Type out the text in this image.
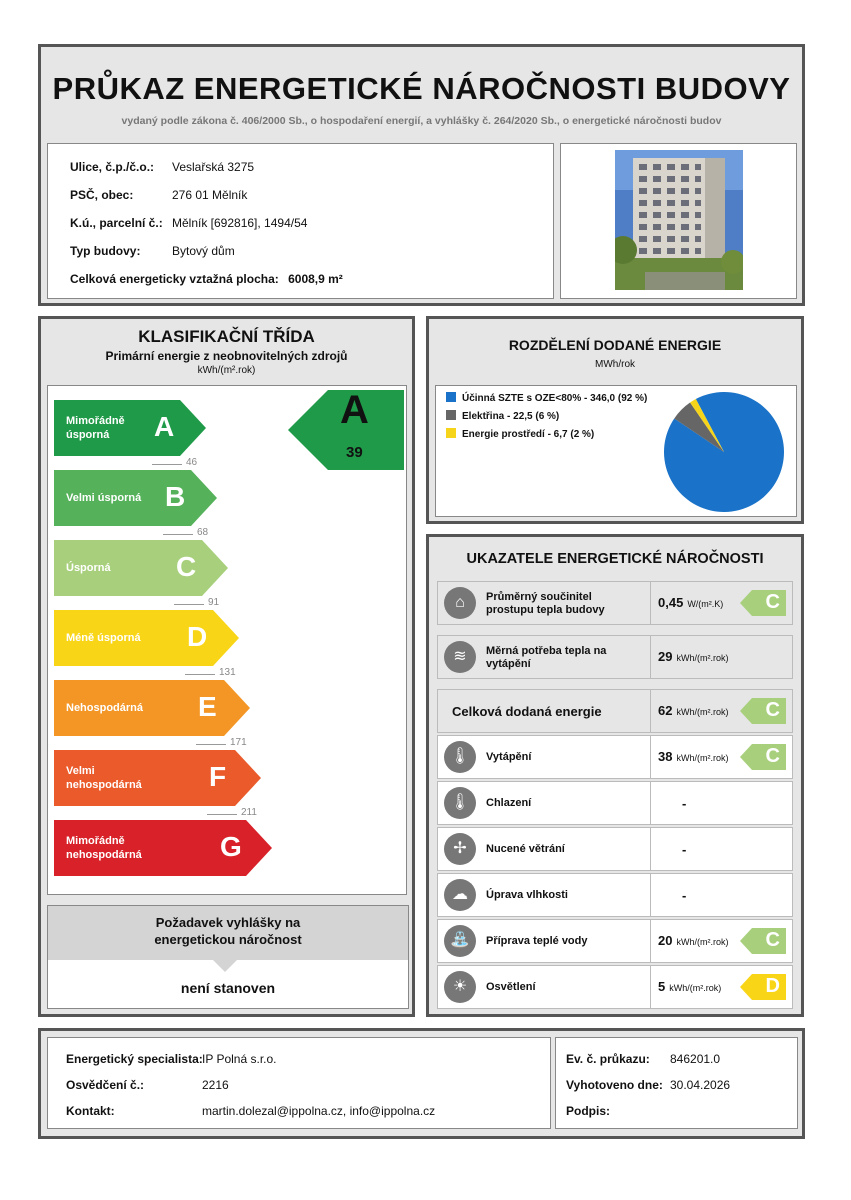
PRŮKAZ ENERGETICKÉ NÁROČNOSTI BUDOVY
vydaný podle zákona č. 406/2000 Sb., o hospodaření energií, a vyhlášky č. 264/2020 Sb., o energetické náročnosti budov
Ulice, č.p./č.o.: Veslařská 3275
PSČ, obec:	276 01 Mělník
K.ú., parcelní č.: Mělník [692816], 1494/54
Typ budovy:	Bytový dům
Celková energeticky vztažná plocha: 6008,9 m²
KLASIFIKAČNÍ TŘÍDA
Primární energie z neobnovitelných zdrojů
kWh/(m².rok)
Mimořádně úsporná	A
46
Velmi úsporná B
68
Úsporná	C
91
Méně úsporná	D
131
Nehospodárná	E
171
Velmi nehospodárná	F
211
Mimořádně nehospodárná	G
A
39
Požadavek vyhlášky na energetickou náročnost
není stanoven
ROZDĚLENÍ DODANÉ ENERGIE
MWh/rok
Účinná SZTE s OZE<80% - 346,0 (92 %)
Elektřina - 22,5 (6 %)
Energie prostředí - 6,7 (2 %)
UKAZATELE ENERGETICKÉ NÁROČNOSTI
⌂	Průměrný součinitel prostupu tepla budovy	0,45 W/(m².K) C
≋	Měrná potřeba tepla na vytápění	29 kWh/(m².rok)
Celková dodaná energie	62 kWh/(m².rok) C
🌡	Vytápění	38 kWh/(m².rok) C
🌡	Chlazení	-
✢	Nucené větrání	-
☁	Úprava vlhkosti	-
⛲	Příprava teplé vody	20 kWh/(m².rok) C
☀	Osvětlení	5 kWh/(m².rok) D
Energetický specialista: IP Polná s.r.o.
Osvědčení č.:	2216
Kontakt:	martin.dolezal@ippolna.cz, info@ippolna.cz
Ev. č. průkazu: 846201.0
Vyhotoveno dne: 30.04.2026
Podpis:
